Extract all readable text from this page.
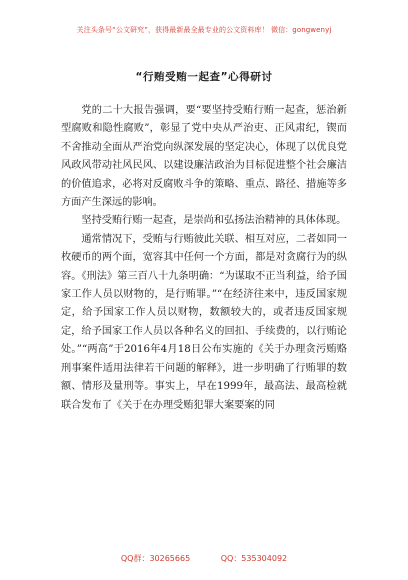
关注头条号“公文研究”，获得最新最全最专业的公文资料库！ 微信：gongwenyj
“行贿受贿一起查”心得研讨

党的二十大报告强调，要“要坚持受贿行贿一起查，惩治新型腐败和隐性腐败”，彰显了党中央从严治吏、正风肃纪，锲而不舍推动全面从严治党向纵深发展的坚定决心，体现了以优良党风政风带动社风民风、以建设廉洁政治为目标促进整个社会廉洁的价值追求，必将对反腐败斗争的策略、重点、路径、措施等多方面产生深远的影响。

坚持受贿行贿一起查，是崇尚和弘扬法治精神的具体体现。

通常情况下，受贿与行贿彼此关联、相互对应，二者如同一枚硬币的两个面，宽容其中任何一个方面，都是对贪腐行为的纵容。《刑法》第三百八十九条明确：“为谋取不正当利益，给予国家工作人员以财物的，是行贿罪。”“在经济往来中，违反国家规定，给予国家工作人员以财物，数额较大的，或者违反国家规定，给予国家工作人员以各种名义的回扣、手续费的，以行贿论处。”“两高”于2016年4月18日公布实施的《关于办理贪污贿赂刑事案件适用法律若干问题的解释》，进一步明确了行贿罪的数额、情形及量刑等。事实上，早在1999年，最高法、最高检就联合发布了《关于在办理受贿犯罪大案要案的同

QQ群：30265665	QQ：535304092
